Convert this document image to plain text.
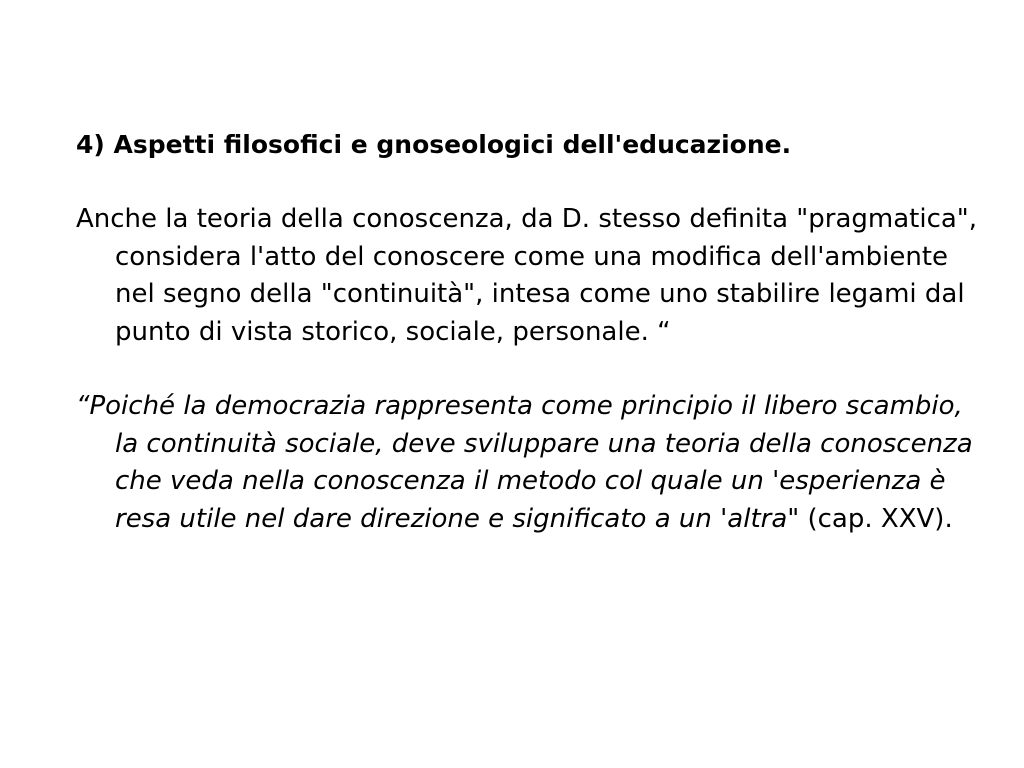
4) Aspetti filosofici e gnoseologici dell'educazione.
Anche la teoria della conoscenza, da D. stesso definita "pragmatica", considera l'atto del conoscere come una modifica dell'ambiente nel segno della "continuità", intesa come uno stabilire legami dal punto di vista storico, sociale, personale. “
“Poiché la democrazia rappresenta come principio il libero scambio, la continuità sociale, deve sviluppare una teoria della conoscenza che veda nella conoscenza il metodo col quale un 'esperienza è resa utile nel dare direzione e significato a un 'altra" (cap. XXV).
